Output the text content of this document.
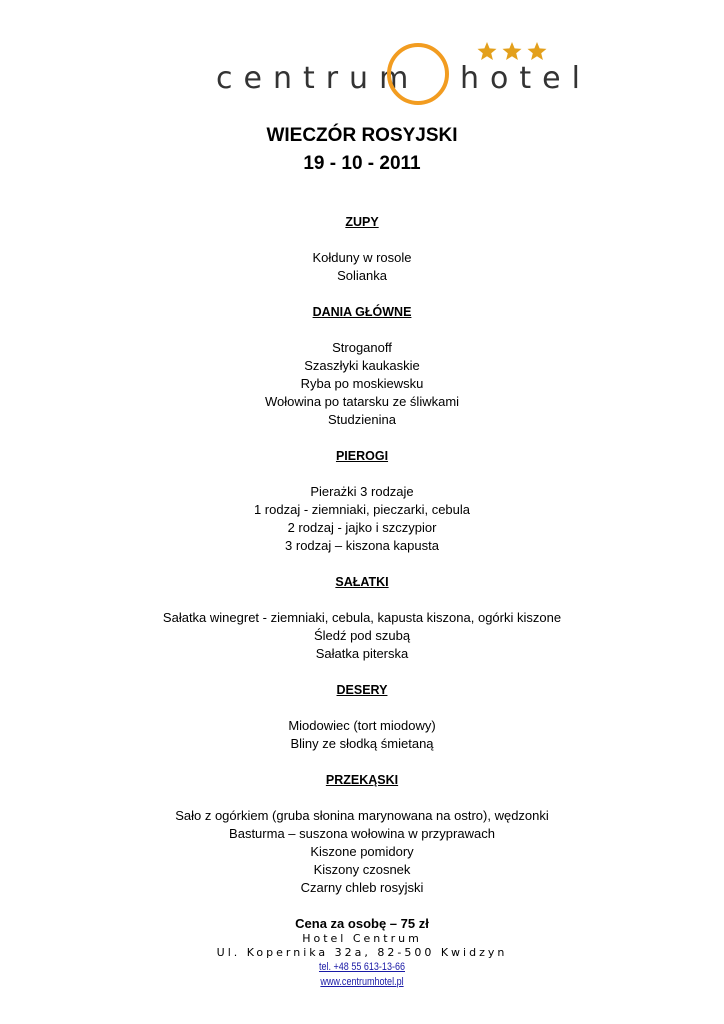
centrum hotel
WIECZÓR ROSYJSKI
19 - 10 - 2011
ZUPY
Kołduny w rosole
Solianka
DANIA GŁÓWNE
Stroganoff
Szaszłyki kaukaskie
Ryba po moskiewsku
Wołowina po tatarsku ze śliwkami
Studzienina
PIEROGI
Pierażki 3 rodzaje
1 rodzaj - ziemniaki, pieczarki, cebula
2 rodzaj - jajko i szczypior
3 rodzaj – kiszona kapusta
SAŁATKI
Sałatka winegret - ziemniaki, cebula, kapusta kiszona, ogórki kiszone
Śledź pod szubą
Sałatka piterska
DESERY
Miodowiec (tort miodowy)
Bliny ze słodką śmietaną
PRZEKĄSKI
Sało z ogórkiem (gruba słonina marynowana na ostro), wędzonki
Basturma – suszona wołowina w przyprawach
Kiszone pomidory
Kiszony czosnek
Czarny chleb rosyjski
Cena za osobę – 75 zł
Hotel Centrum
Ul. Kopernika 32a, 82-500 Kwidzyn
tel. +48 55 613-13-66
www.centrumhotel.pl
